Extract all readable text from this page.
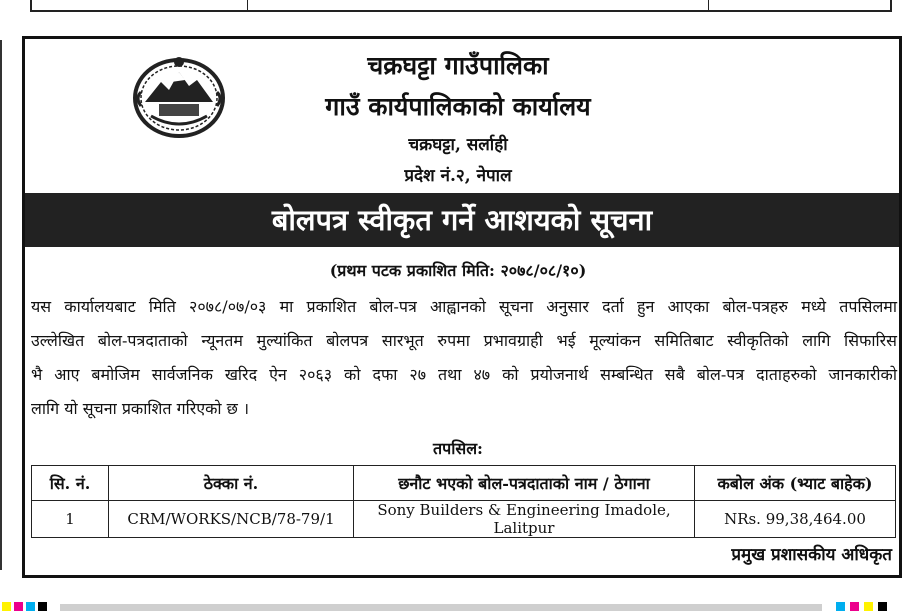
चक्रघट्टा गाउँपालिका
गाउँ कार्यपालिकाको कार्यालय
चक्रघट्टा, सर्लाही
प्रदेश नं.२, नेपाल
बोलपत्र स्वीकृत गर्ने आशयको सूचना
(प्रथम पटक प्रकाशित मिति: २०७८/०८/१०)
यस कार्यालयबाट मिति २०७८/०७/०३ मा प्रकाशित बोल-पत्र आह्वानको सूचना अनुसार दर्ता हुन आएका बोल-पत्रहरु मध्ये तपसिलमा
उल्लेखित बोल-पत्रदाताको न्यूनतम मुल्यांकित बोलपत्र सारभूत रुपमा प्रभावग्राही भई मूल्यांकन समितिबाट स्वीकृतिको लागि सिफारिस
भै आए बमोजिम सार्वजनिक खरिद ऐन २०६३ को दफा २७ तथा ४७ को प्रयोजनार्थ सम्बन्धित सबै बोल-पत्र दाताहरुको जानकारीको
लागि यो सूचना प्रकाशित गरिएको छ ।
तपसिल:
सि. नं.	ठेक्का नं.	छनौट भएको बोल-पत्रदाताको नाम / ठेगाना	कबोल अंक (भ्याट बाहेक)
1	CRM/WORKS/NCB/78-79/1	Sony Builders & Engineering Imadole, Lalitpur	NRs. 99,38,464.00
प्रमुख प्रशासकीय अधिकृत
